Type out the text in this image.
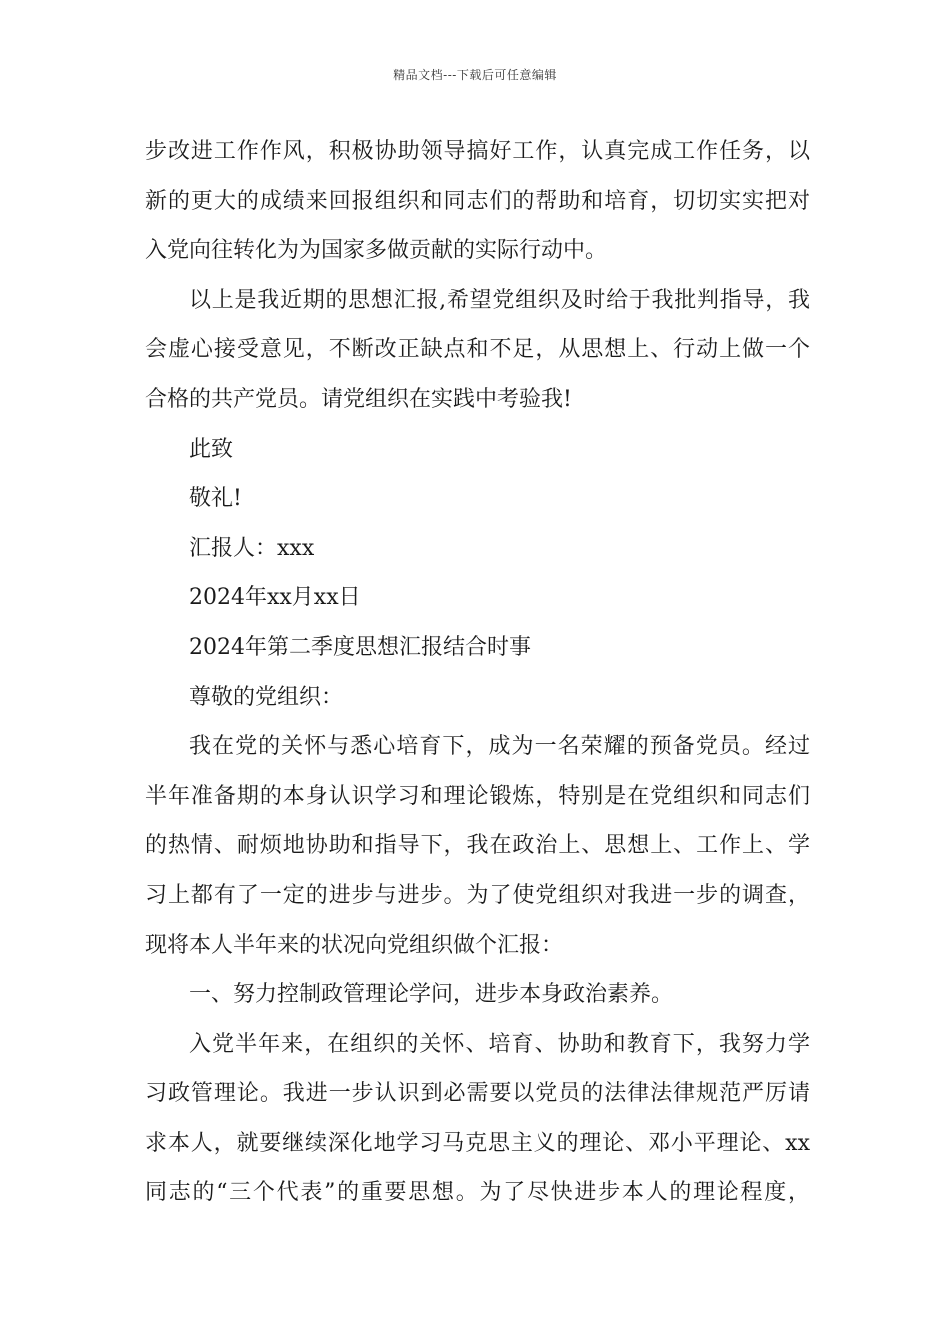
精品文档---下载后可任意编辑
步改进工作作风，积极协助领导搞好工作，认真完成工作任务，以
新的更大的成绩来回报组织和同志们的帮助和培育，切切实实把对
入党向往转化为为国家多做贡献的实际行动中。
以上是我近期的思想汇报,希望党组织及时给于我批判指导，我
会虚心接受意见，不断改正缺点和不足，从思想上、行动上做一个
合格的共产党员。请党组织在实践中考验我!
此致
敬礼!
汇报人：xxx
2024年xx月xx日
2024年第二季度思想汇报结合时事
尊敬的党组织：
我在党的关怀与悉心培育下，成为一名荣耀的预备党员。经过
半年准备期的本身认识学习和理论锻炼，特别是在党组织和同志们
的热情、耐烦地协助和指导下，我在政治上、思想上、工作上、学
习上都有了一定的进步与进步。为了使党组织对我进一步的调查，
现将本人半年来的状况向党组织做个汇报：
一、努力控制政管理论学问，进步本身政治素养。
入党半年来，在组织的关怀、培育、协助和教育下，我努力学
习政管理论。我进一步认识到必需要以党员的法律法律规范严厉请
求本人，就要继续深化地学习马克思主义的理论、邓小平理论、xx
同志的“三个代表”的重要思想。为了尽快进步本人的理论程度，
